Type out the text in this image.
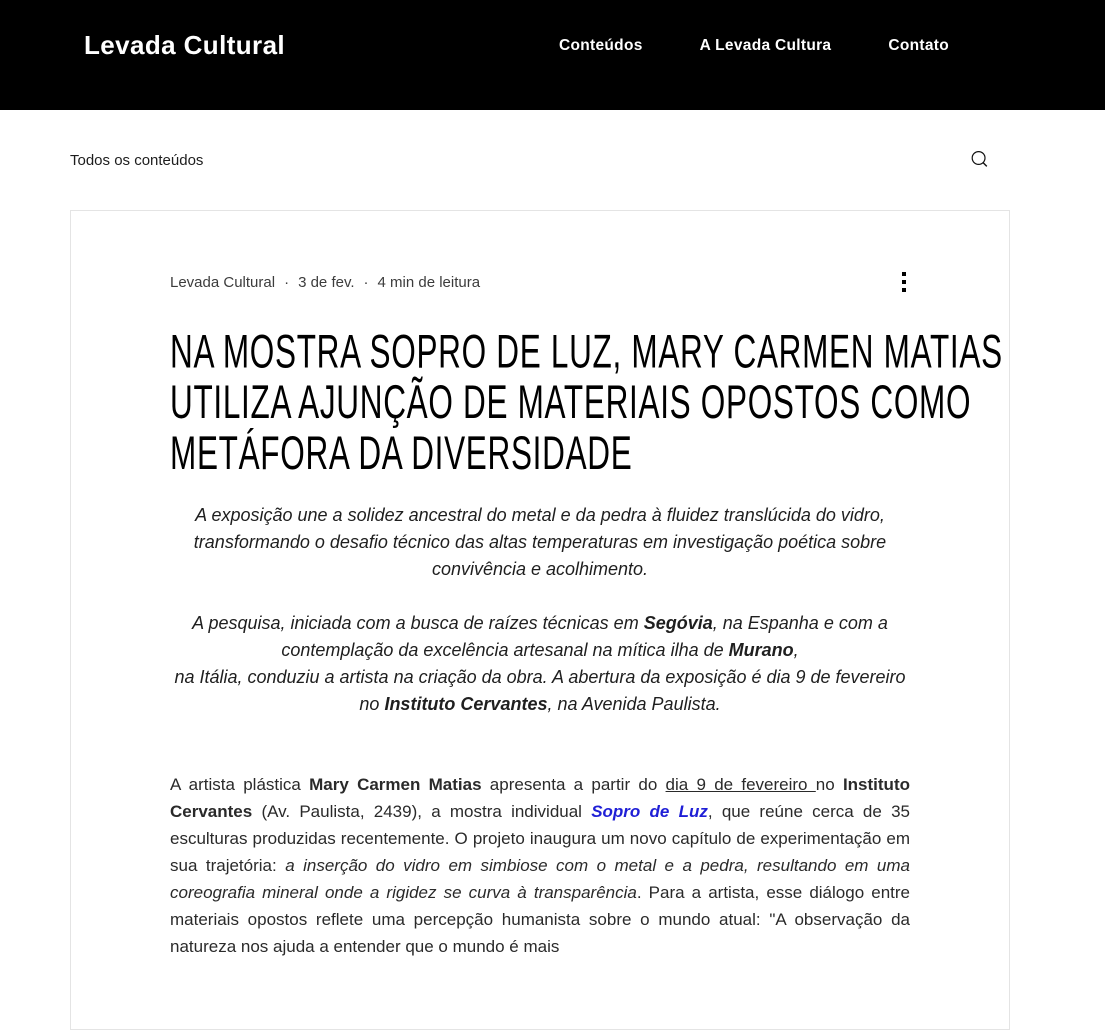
Levada Cultural	Conteúdos	A Levada Cultura	Contato
Todos os conteúdos
Levada Cultural · 3 de fev. · 4 min de leitura
NA MOSTRA SOPRO DE LUZ, MARY CARMEN MATIAS
UTILIZA AJUNÇÃO DE MATERIAIS OPOSTOS COMO
METÁFORA DA DIVERSIDADE

A exposição une a solidez ancestral do metal e da pedra à fluidez translúcida do vidro, transformando o desafio técnico das altas temperaturas em investigação poética sobre convivência e acolhimento.

A pesquisa, iniciada com a busca de raízes técnicas em Segóvia, na Espanha e com a contemplação da excelência artesanal na mítica ilha de Murano,
na Itália, conduziu a artista na criação da obra. A abertura da exposição é dia 9 de fevereiro no Instituto Cervantes, na Avenida Paulista.

A artista plástica Mary Carmen Matias apresenta a partir do dia 9 de fevereiro no Instituto Cervantes (Av. Paulista, 2439), a mostra individual Sopro de Luz, que reúne cerca de 35 esculturas produzidas recentemente. O projeto inaugura um novo capítulo de experimentação em sua trajetória: a inserção do vidro em simbiose com o metal e a pedra, resultando em uma coreografia mineral onde a rigidez se curva à transparência. Para a artista, esse diálogo entre materiais opostos reflete uma percepção humanista sobre o mundo atual: "A observação da natureza nos ajuda a entender que o mundo é mais
